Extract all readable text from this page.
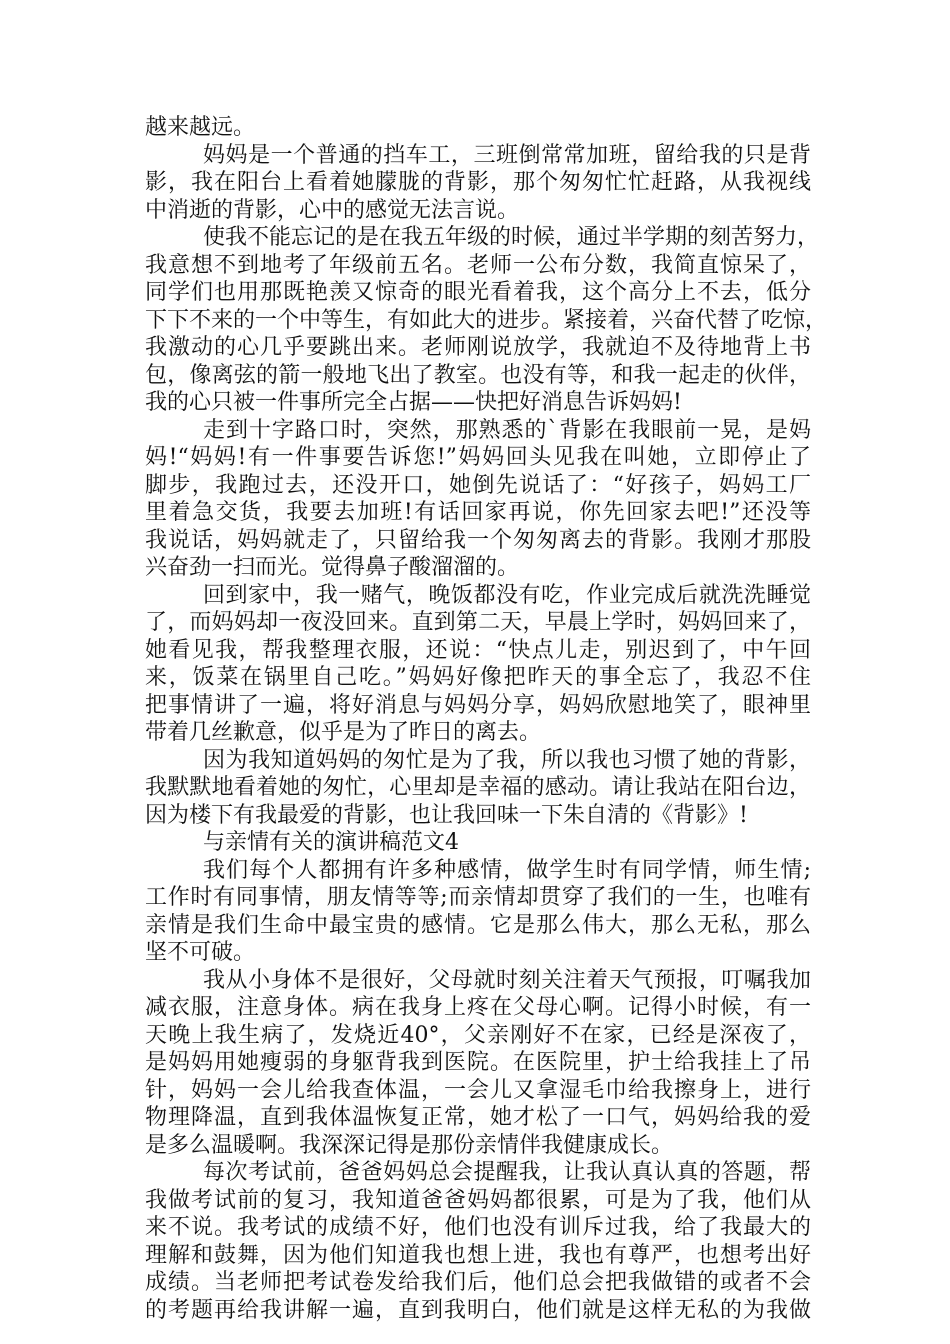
越来越远。
妈妈是一个普通的挡车工，三班倒常常加班，留给我的只是背
影，我在阳台上看着她朦胧的背影，那个匆匆忙忙赶路，从我视线
中消逝的背影，心中的感觉无法言说。
使我不能忘记的是在我五年级的时候，通过半学期的刻苦努力，
我意想不到地考了年级前五名。老师一公布分数，我简直惊呆了，
同学们也用那既艳羡又惊奇的眼光看着我，这个高分上不去，低分
下下不来的一个中等生，有如此大的进步。紧接着，兴奋代替了吃惊，
我激动的心几乎要跳出来。老师刚说放学，我就迫不及待地背上书
包，像离弦的箭一般地飞出了教室。也没有等，和我一起走的伙伴，
我的心只被一件事所完全占据——快把好消息告诉妈妈!
走到十字路口时，突然，那熟悉的`背影在我眼前一晃，是妈
妈!“妈妈!有一件事要告诉您!”妈妈回头见我在叫她，立即停止了
脚步，我跑过去，还没开口，她倒先说话了：“好孩子，妈妈工厂
里着急交货，我要去加班!有话回家再说，你先回家去吧!”还没等
我说话，妈妈就走了，只留给我一个匆匆离去的背影。我刚才那股
兴奋劲一扫而光。觉得鼻子酸溜溜的。
回到家中，我一赌气，晚饭都没有吃，作业完成后就洗洗睡觉
了，而妈妈却一夜没回来。直到第二天，早晨上学时，妈妈回来了，
她看见我，帮我整理衣服，还说：“快点儿走，别迟到了，中午回
来，饭菜在锅里自己吃。”妈妈好像把昨天的事全忘了，我忍不住
把事情讲了一遍，将好消息与妈妈分享，妈妈欣慰地笑了，眼神里
带着几丝歉意，似乎是为了昨日的离去。
因为我知道妈妈的匆忙是为了我，所以我也习惯了她的背影，
我默默地看着她的匆忙，心里却是幸福的感动。请让我站在阳台边，
因为楼下有我最爱的背影，也让我回味一下朱自清的《背影》!
与亲情有关的演讲稿范文4
我们每个人都拥有许多种感情，做学生时有同学情，师生情;
工作时有同事情，朋友情等等;而亲情却贯穿了我们的一生，也唯有
亲情是我们生命中最宝贵的感情。它是那么伟大，那么无私，那么
坚不可破。
我从小身体不是很好，父母就时刻关注着天气预报，叮嘱我加
减衣服，注意身体。病在我身上疼在父母心啊。记得小时候，有一
天晚上我生病了，发烧近40°，父亲刚好不在家，已经是深夜了，
是妈妈用她瘦弱的身躯背我到医院。在医院里，护士给我挂上了吊
针，妈妈一会儿给我查体温，一会儿又拿湿毛巾给我擦身上，进行
物理降温，直到我体温恢复正常，她才松了一口气，妈妈给我的爱
是多么温暖啊。我深深记得是那份亲情伴我健康成长。
每次考试前，爸爸妈妈总会提醒我，让我认真认真的答题，帮
我做考试前的复习，我知道爸爸妈妈都很累，可是为了我，他们从
来不说。我考试的成绩不好，他们也没有训斥过我，给了我最大的
理解和鼓舞，因为他们知道我也想上进，我也有尊严，也想考出好
成绩。当老师把考试卷发给我们后，他们总会把我做错的或者不会
的考题再给我讲解一遍，直到我明白，他们就是这样无私的为我做
